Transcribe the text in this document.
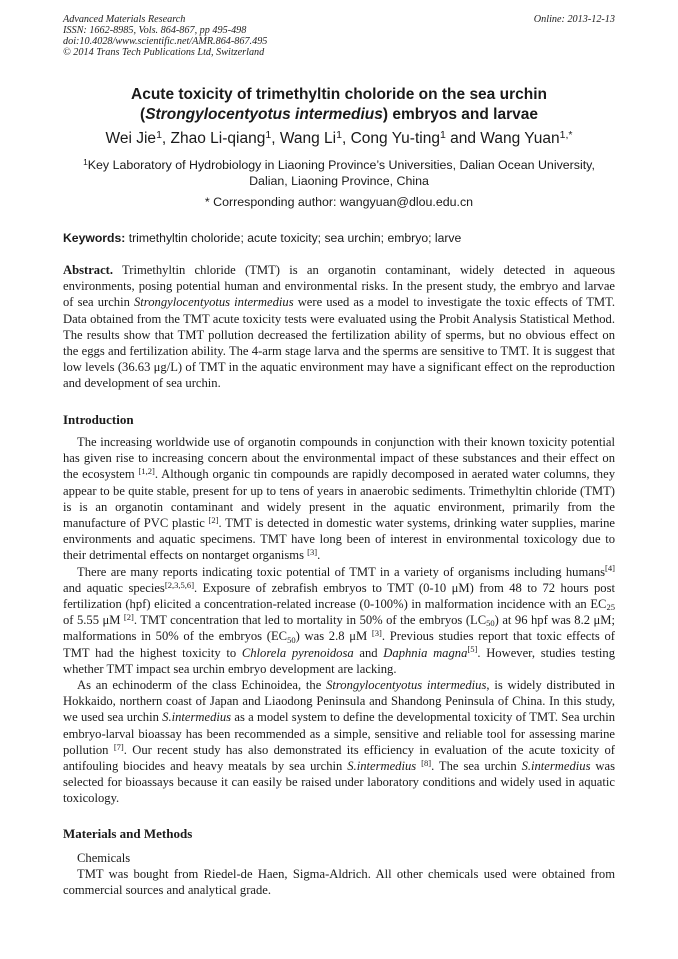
Advanced Materials Research
ISSN: 1662-8985, Vols. 864-867, pp 495-498
doi:10.4028/www.scientific.net/AMR.864-867.495
© 2014 Trans Tech Publications Ltd, Switzerland
Online: 2013-12-13
Acute toxicity of trimethyltin choloride on the sea urchin
(Strongylocentyotus intermedius) embryos and larvae
Wei Jie$^1$, Zhao Li-qiang$^1$, Wang Li$^1$, Cong Yu-ting$^1$ and Wang Yuan$^{1,*}$
$^1$Key Laboratory of Hydrobiology in Liaoning Province’s Universities, Dalian Ocean University,
Dalian, Liaoning Province, China
* Corresponding author: wangyuan@dlou.edu.cn
Keywords: trimethyltin choloride; acute toxicity; sea urchin; embryo; larve
Abstract. Trimethyltin chloride (TMT) is an organotin contaminant, widely detected in aqueous environments, posing potential human and environmental risks. In the present study, the embryo and larvae of sea urchin Strongylocentyotus intermedius were used as a model to investigate the toxic effects of TMT. Data obtained from the TMT acute toxicity tests were evaluated using the Probit Analysis Statistical Method. The results show that TMT pollution decreased the fertilization ability of sperms, but no obvious effect on the eggs and fertilization ability. The 4-arm stage larva and the sperms are sensitive to TMT. It is suggest that low levels (36.63 μg/L) of TMT in the aquatic environment may have a significant effect on the reproduction and development of sea urchin.
Introduction

The increasing worldwide use of organotin compounds in conjunction with their known toxicity potential has given rise to increasing concern about the environmental impact of these substances and their effect on the ecosystem [1,2]. Although organic tin compounds are rapidly decomposed in aerated water columns, they appear to be quite stable, present for up to tens of years in anaerobic sediments. Trimethyltin chloride (TMT) is is an organotin contaminant and widely present in the aquatic environment, primarily from the manufacture of PVC plastic [2]. TMT is detected in domestic water systems, drinking water supplies, marine environments and aquatic specimens. TMT have long been of interest in environmental toxicology due to their detrimental effects on nontarget organisms [3].

There are many reports indicating toxic potential of TMT in a variety of organisms including humans[4] and aquatic species[2,3,5,6]. Exposure of zebrafish embryos to TMT (0-10 μM) from 48 to 72 hours post fertilization (hpf) elicited a concentration-related increase (0-100%) in malformation incidence with an $EC_{25}$ of 5.55 μM [2]. TMT concentration that led to mortality in 50% of the embryos $(LC_{50})$ at 96 hpf was 8.2 μM; malformations in 50% of the embryos $(EC_{50})$ was 2.8 μM [3]. Previous studies report that toxic effects of TMT had the highest toxicity to Chlorela pyrenoidosa and Daphnia magna[5]. However, studies testing whether TMT impact sea urchin embryo development are lacking.

As an echinoderm of the class Echinoidea, the Strongylocentyotus intermedius, is widely distributed in Hokkaido, northern coast of Japan and Liaodong Peninsula and Shandong Peninsula of China. In this study, we used sea urchin S.intermedius as a model system to define the developmental toxicity of TMT. Sea urchin embryo-larval bioassay has been recommended as a simple, sensitive and reliable tool for assessing marine pollution [7]. Our recent study has also demonstrated its efficiency in evaluation of the acute toxicity of antifouling biocides and heavy meatals by sea urchin S.intermedius [8]. The sea urchin S.intermedius was selected for bioassays because it can easily be raised under laboratory conditions and widely used in aquatic toxicology.

Materials and Methods

Chemicals

TMT was bought from Riedel-de Haen, Sigma-Aldrich. All other chemicals used were obtained from commercial sources and analytical grade.
